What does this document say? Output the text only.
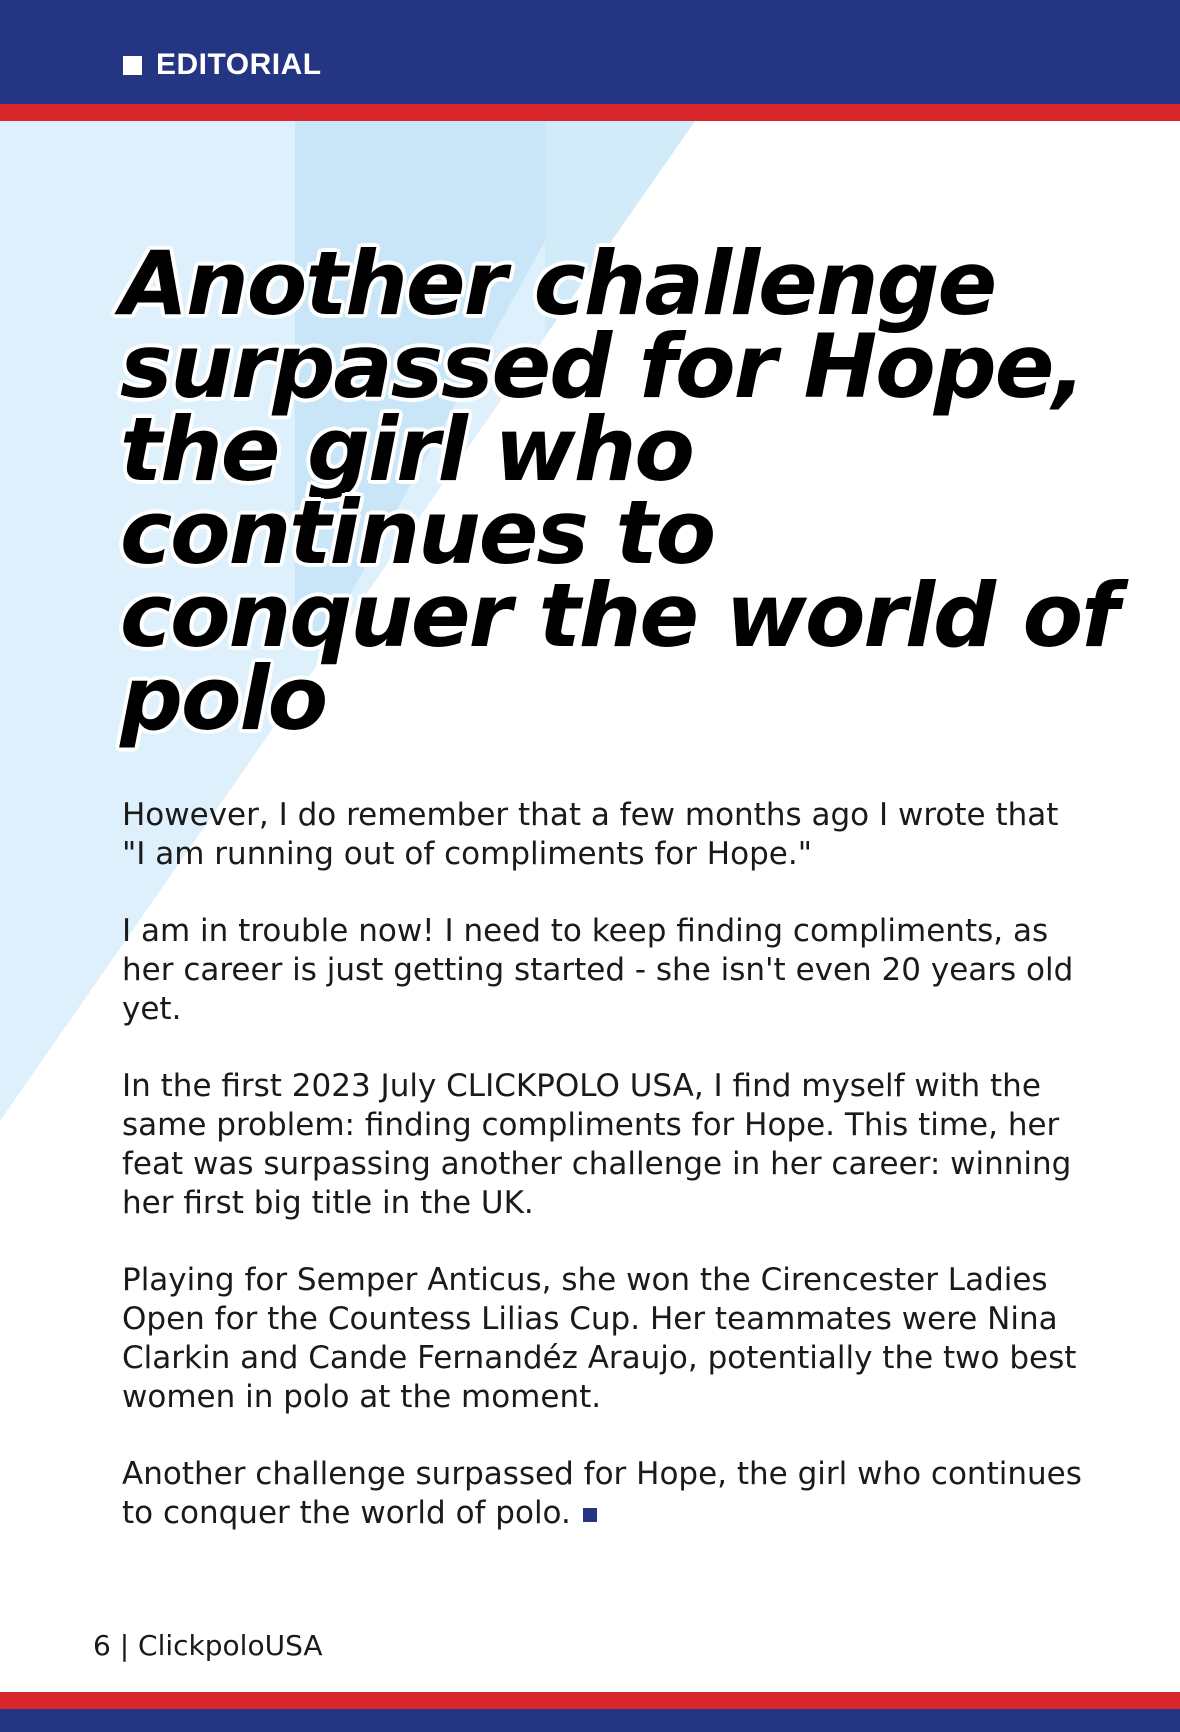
EDITORIAL
Another challenge surpassed for Hope, the girl who continues to conquer the world of polo

However, I do remember that a few months ago I wrote that "I am running out of compliments for Hope."

I am in trouble now! I need to keep finding compliments, as her career is just getting started - she isn't even 20 years old yet.

In the first 2023 July CLICKPOLO USA, I find myself with the same problem: finding compliments for Hope. This time, her feat was surpassing another challenge in her career: winning her first big title in the UK.

Playing for Semper Anticus, she won the Cirencester Ladies Open for the Countess Lilias Cup. Her teammates were Nina Clarkin and Cande Fernandéz Araujo, potentially the two best women in polo at the moment.

Another challenge surpassed for Hope, the girl who continues to conquer the world of polo.

6 | ClickpoloUSA
